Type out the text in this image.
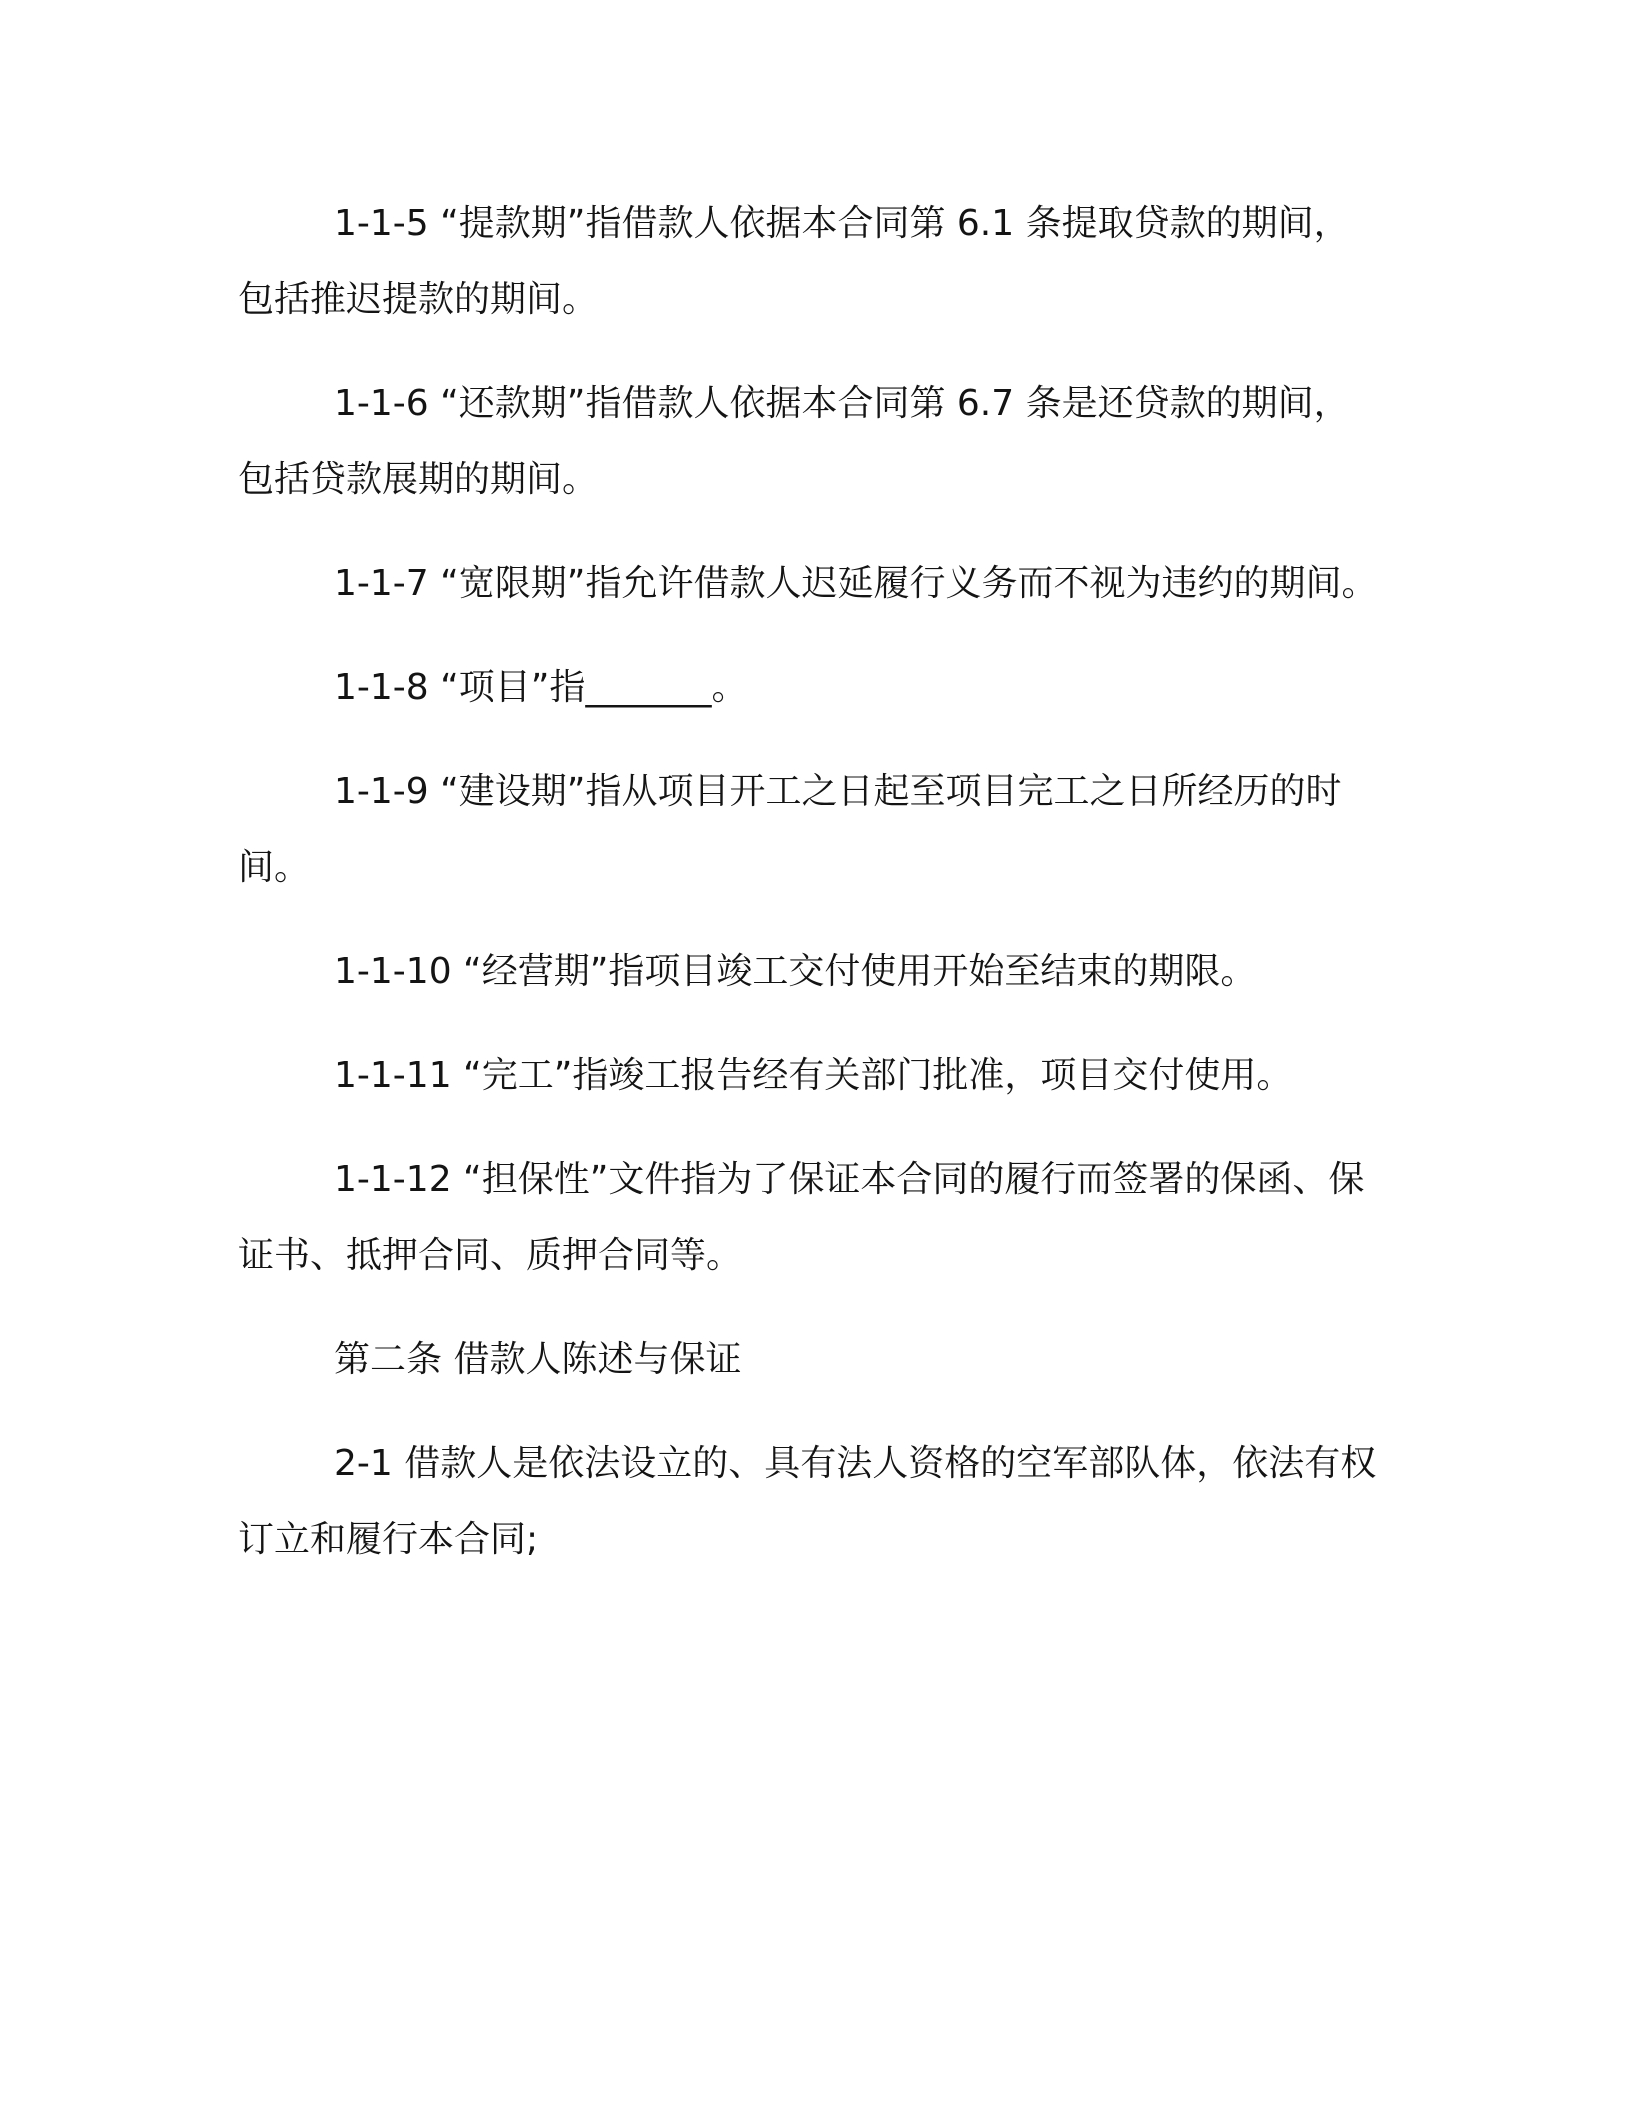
1-1-5 “提款期”指借款人依据本合同第 6.1 条提取贷款的期间，包括推迟提款的期间。

1-1-6 “还款期”指借款人依据本合同第 6.7 条是还贷款的期间，包括贷款展期的期间。

1-1-7 “宽限期”指允许借款人迟延履行义务而不视为违约的期间。

1-1-8 “项目”指_______。

1-1-9 “建设期”指从项目开工之日起至项目完工之日所经历的时间。

1-1-10 “经营期”指项目竣工交付使用开始至结束的期限。

1-1-11 “完工”指竣工报告经有关部门批准，项目交付使用。

1-1-12 “担保性”文件指为了保证本合同的履行而签署的保函、保证书、抵押合同、质押合同等。

第二条 借款人陈述与保证

2-1 借款人是依法设立的、具有法人资格的空军部队体，依法有权订立和履行本合同;
